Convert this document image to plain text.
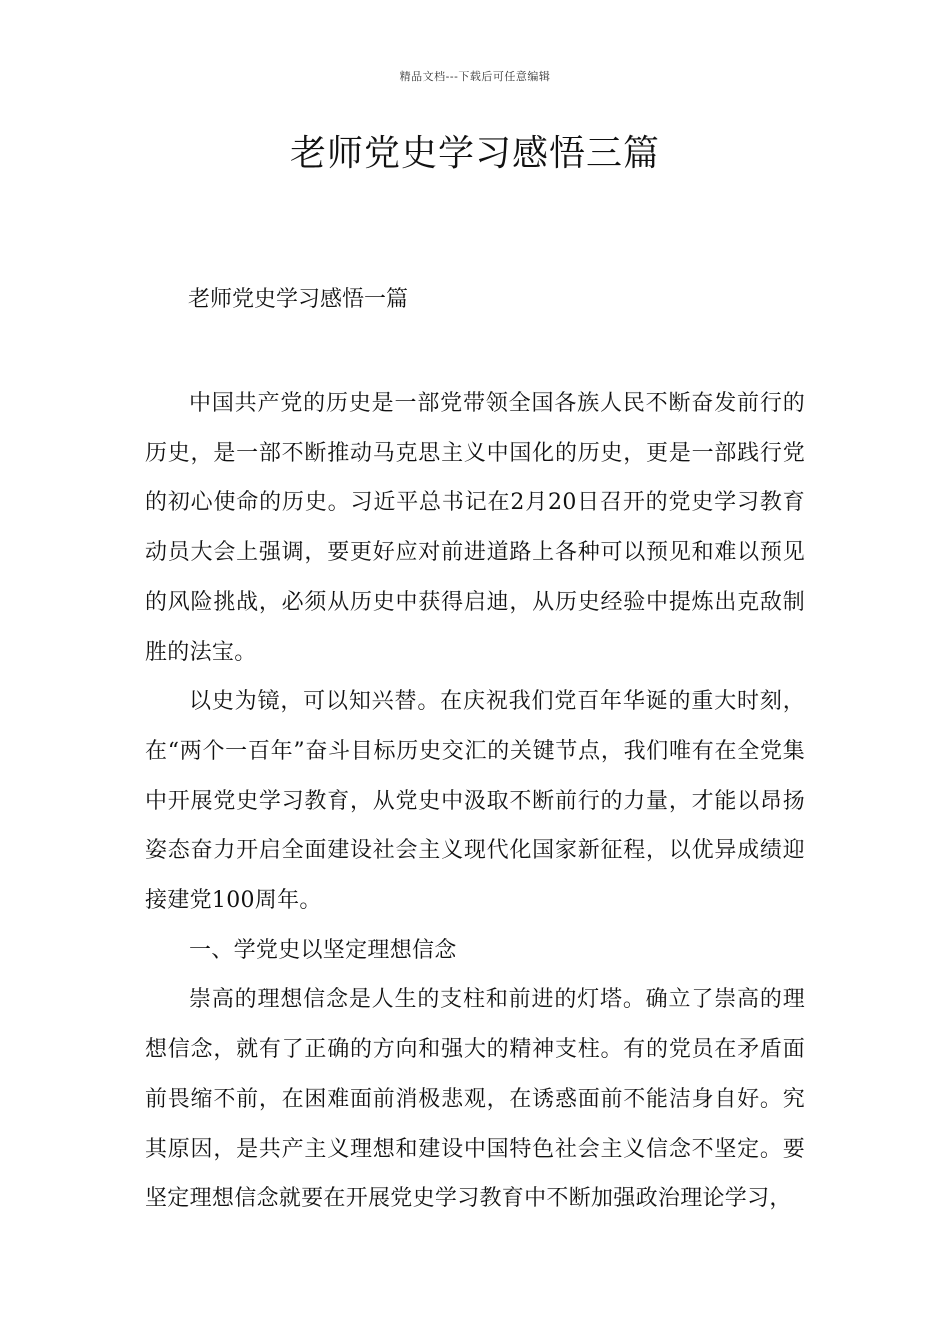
精品文档---下载后可任意编辑
老师党史学习感悟三篇

老师党史学习感悟一篇

中国共产党的历史是一部党带领全国各族人民不断奋发前行的历史，是一部不断推动马克思主义中国化的历史，更是一部践行党的初心使命的历史。习近平总书记在2月20日召开的党史学习教育动员大会上强调，要更好应对前进道路上各种可以预见和难以预见的风险挑战，必须从历史中获得启迪，从历史经验中提炼出克敌制胜的法宝。

以史为镜，可以知兴替。在庆祝我们党百年华诞的重大时刻，在“两个一百年”奋斗目标历史交汇的关键节点，我们唯有在全党集中开展党史学习教育，从党史中汲取不断前行的力量，才能以昂扬姿态奋力开启全面建设社会主义现代化国家新征程，以优异成绩迎接建党100周年。

一、学党史以坚定理想信念

崇高的理想信念是人生的支柱和前进的灯塔。确立了崇高的理想信念，就有了正确的方向和强大的精神支柱。有的党员在矛盾面前畏缩不前，在困难面前消极悲观，在诱惑面前不能洁身自好。究其原因，是共产主义理想和建设中国特色社会主义信念不坚定。要坚定理想信念就要在开展党史学习教育中不断加强政治理论学习，
